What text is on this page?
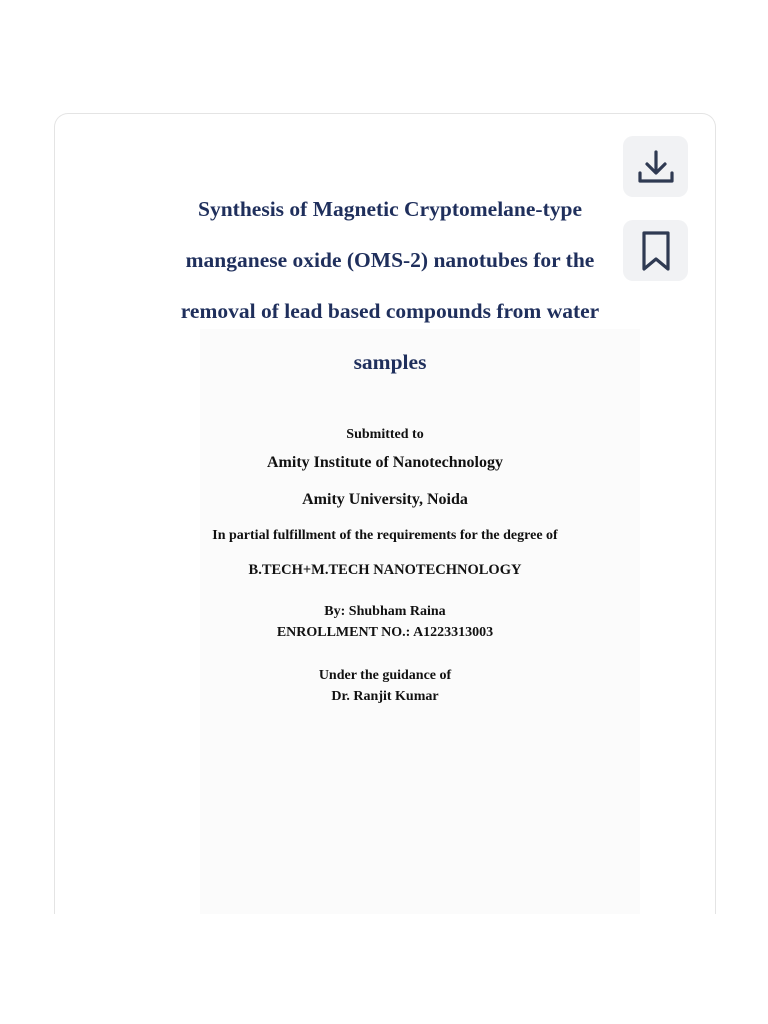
Synthesis of Magnetic Cryptomelane-type
manganese oxide (OMS-2) nanotubes for the
removal of lead based compounds from water
samples

Submitted to

Amity Institute of Nanotechnology

Amity University, Noida

In partial fulfillment of the requirements for the degree of

B.TECH+M.TECH NANOTECHNOLOGY

By: Shubham Raina

ENROLLMENT NO.: A1223313003

Under the guidance of

Dr. Ranjit Kumar
